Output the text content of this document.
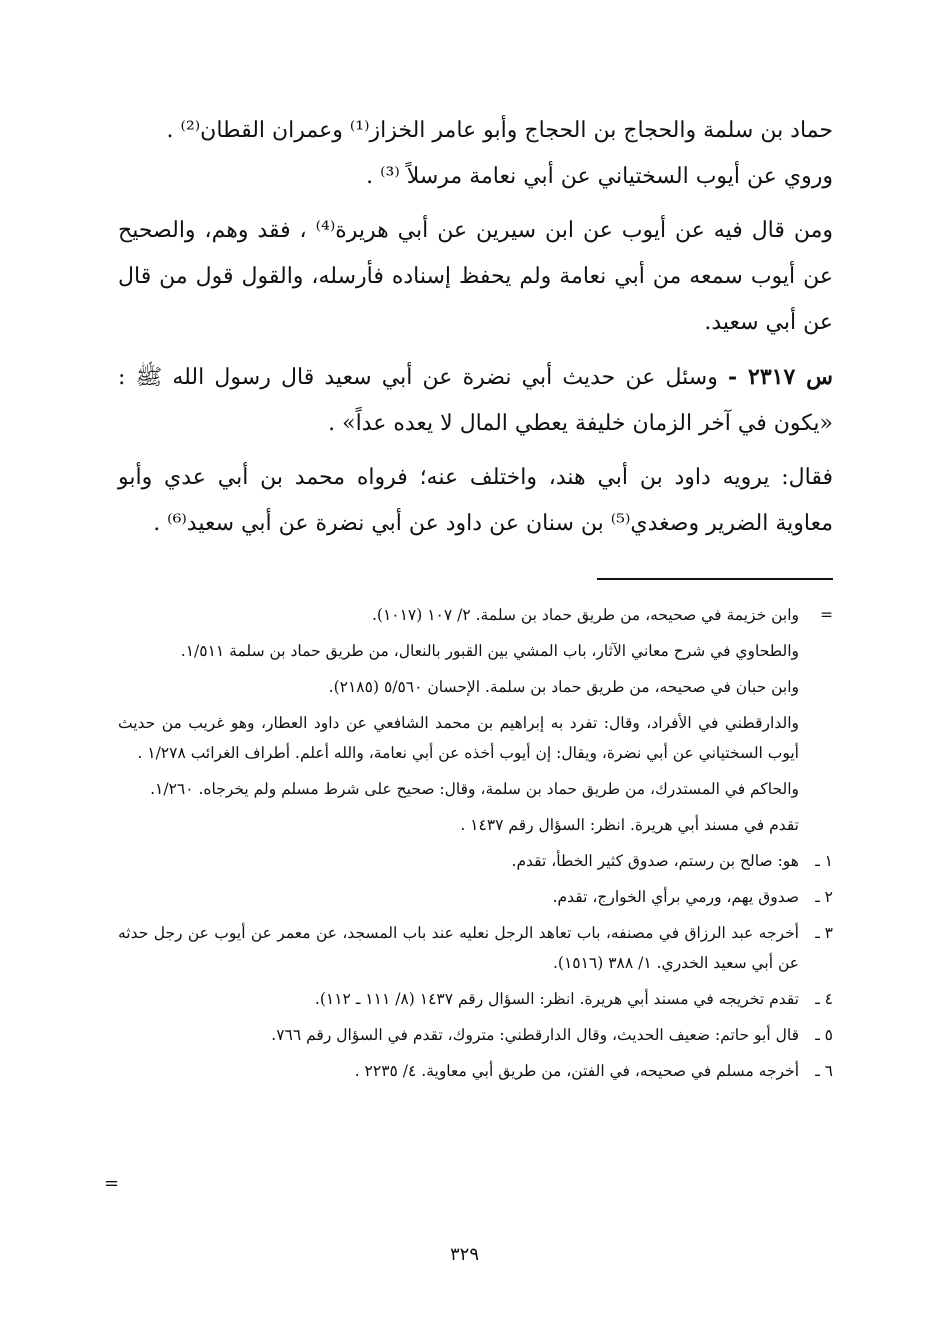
حماد بن سلمة والحجاج بن الحجاج وأبو عامر الخزاز⁽¹⁾ وعمران القطان⁽²⁾ .

وروي عن أيوب السختياني عن أبي نعامة مرسلاً ⁽³⁾ .

ومن قال فيه عن أيوب عن ابن سيرين عن أبي هريرة⁽⁴⁾ ، فقد وهم، والصحيح عن أيوب سمعه من أبي نعامة ولم يحفظ إسناده فأرسله، والقول قول من قال عن أبي سعيد.

س ٢٣١٧ - وسئل عن حديث أبي نضرة عن أبي سعيد قال رسول الله ﷺ : «يكون في آخر الزمان خليفة يعطي المال لا يعده عداً» .

فقال: يرويه داود بن أبي هند، واختلف عنه؛ فرواه محمد بن أبي عدي وأبو معاوية الضرير وصغدي⁽⁵⁾ بن سنان عن داود عن أبي نضرة عن أبي سعيد⁽⁶⁾ .

=
وابن خزيمة في صحيحه، من طريق حماد بن سلمة. ٢/ ١٠٧ (١٠١٧).
والطحاوي في شرح معاني الآثار، باب المشي بين القبور بالنعال، من طريق حماد بن سلمة ١/٥١١.
وابن حبان في صحيحه، من طريق حماد بن سلمة. الإحسان ٥/٥٦٠ (٢١٨٥).
والدارقطني في الأفراد، وقال: تفرد به إبراهيم بن محمد الشافعي عن داود العطار، وهو غريب من حديث أيوب السختياني عن أبي نضرة، ويقال: إن أيوب أخذه عن أبي نعامة، والله أعلم. أطراف الغرائب ١/٢٧٨ .
والحاكم في المستدرك، من طريق حماد بن سلمة، وقال: صحيح على شرط مسلم ولم يخرجاه. ١/٢٦٠.
تقدم في مسند أبي هريرة. انظر: السؤال رقم ١٤٣٧ .
١ ـ
هو: صالح بن رستم، صدوق كثير الخطأ، تقدم.
٢ ـ
صدوق يهم، ورمي برأي الخوارج، تقدم.
٣ ـ
أخرجه عبد الرزاق في مصنفه، باب تعاهد الرجل نعليه عند باب المسجد، عن معمر عن أيوب عن رجل حدثه عن أبي سعيد الخدري. ١/ ٣٨٨ (١٥١٦).
٤ ـ
تقدم تخريجه في مسند أبي هريرة. انظر: السؤال رقم ١٤٣٧ (٨/ ١١١ ـ ١١٢).
٥ ـ
قال أبو حاتم: ضعيف الحديث، وقال الدارقطني: متروك، تقدم في السؤال رقم ٧٦٦.
٦ ـ
أخرجه مسلم في صحيحه، في الفتن، من طريق أبي معاوية. ٤/ ٢٢٣٥ .
=
٣٢٩
